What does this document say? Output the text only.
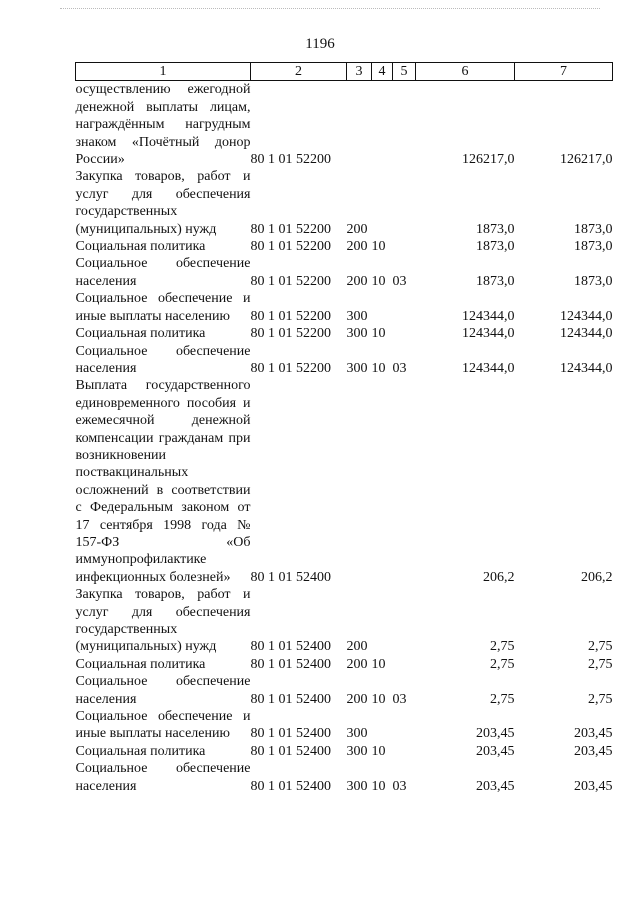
1196
1	2	3	4	5	6	7
осуществлению ежегодной денежной выплаты лицам, награждённым нагрудным знаком «Почётный донор России»	80 1 01 52200				126217,0	126217,0
Закупка товаров, работ и услуг для обеспечения государственных (муниципальных) нужд	80 1 01 52200	200			1873,0	1873,0
Социальная политика	80 1 01 52200	200	10		1873,0	1873,0
Социальное обеспечение населения	80 1 01 52200	200	10	03	1873,0	1873,0
Социальное обеспечение и иные выплаты населению	80 1 01 52200	300			124344,0	124344,0
Социальная политика	80 1 01 52200	300	10		124344,0	124344,0
Социальное обеспечение населения	80 1 01 52200	300	10	03	124344,0	124344,0
Выплата государственного единовременного пособия и ежемесячной денежной компенсации гражданам при возникновении поствакцинальных осложнений в соответствии с Федеральным законом от 17 сентября 1998 года № 157-ФЗ «Об иммунопрофилактике инфекционных болезней»	80 1 01 52400				206,2	206,2
Закупка товаров, работ и услуг для обеспечения государственных (муниципальных) нужд	80 1 01 52400	200			2,75	2,75
Социальная политика	80 1 01 52400	200	10		2,75	2,75
Социальное обеспечение населения	80 1 01 52400	200	10	03	2,75	2,75
Социальное обеспечение и иные выплаты населению	80 1 01 52400	300			203,45	203,45
Социальная политика	80 1 01 52400	300	10		203,45	203,45
Социальное обеспечение населения	80 1 01 52400	300	10	03	203,45	203,45
